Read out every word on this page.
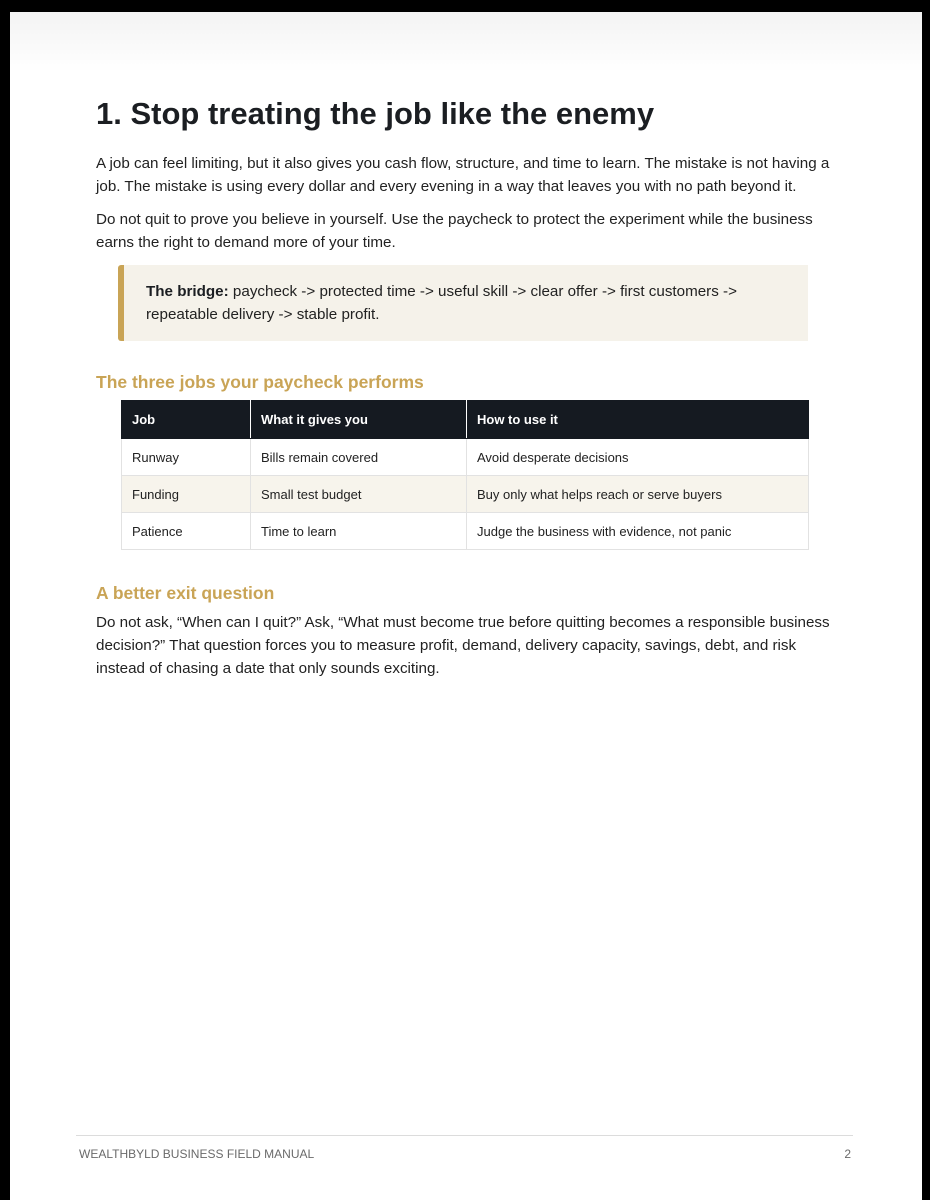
1. Stop treating the job like the enemy

A job can feel limiting, but it also gives you cash flow, structure, and time to learn. The mistake is not having a job. The mistake is using every dollar and every evening in a way that leaves you with no path beyond it.

Do not quit to prove you believe in yourself. Use the paycheck to protect the experiment while the business earns the right to demand more of your time.

The bridge: paycheck -> protected time -> useful skill -> clear offer -> first customers -> repeatable delivery -> stable profit.
The three jobs your paycheck performs
Job	What it gives you	How to use it
Runway	Bills remain covered	Avoid desperate decisions
Funding	Small test budget	Buy only what helps reach or serve buyers
Patience	Time to learn	Judge the business with evidence, not panic
A better exit question

Do not ask, “When can I quit?” Ask, “What must become true before quitting becomes a responsible business decision?” That question forces you to measure profit, demand, delivery capacity, savings, debt, and risk instead of chasing a date that only sounds exciting.

WEALTHBYLD BUSINESS FIELD MANUAL	2
